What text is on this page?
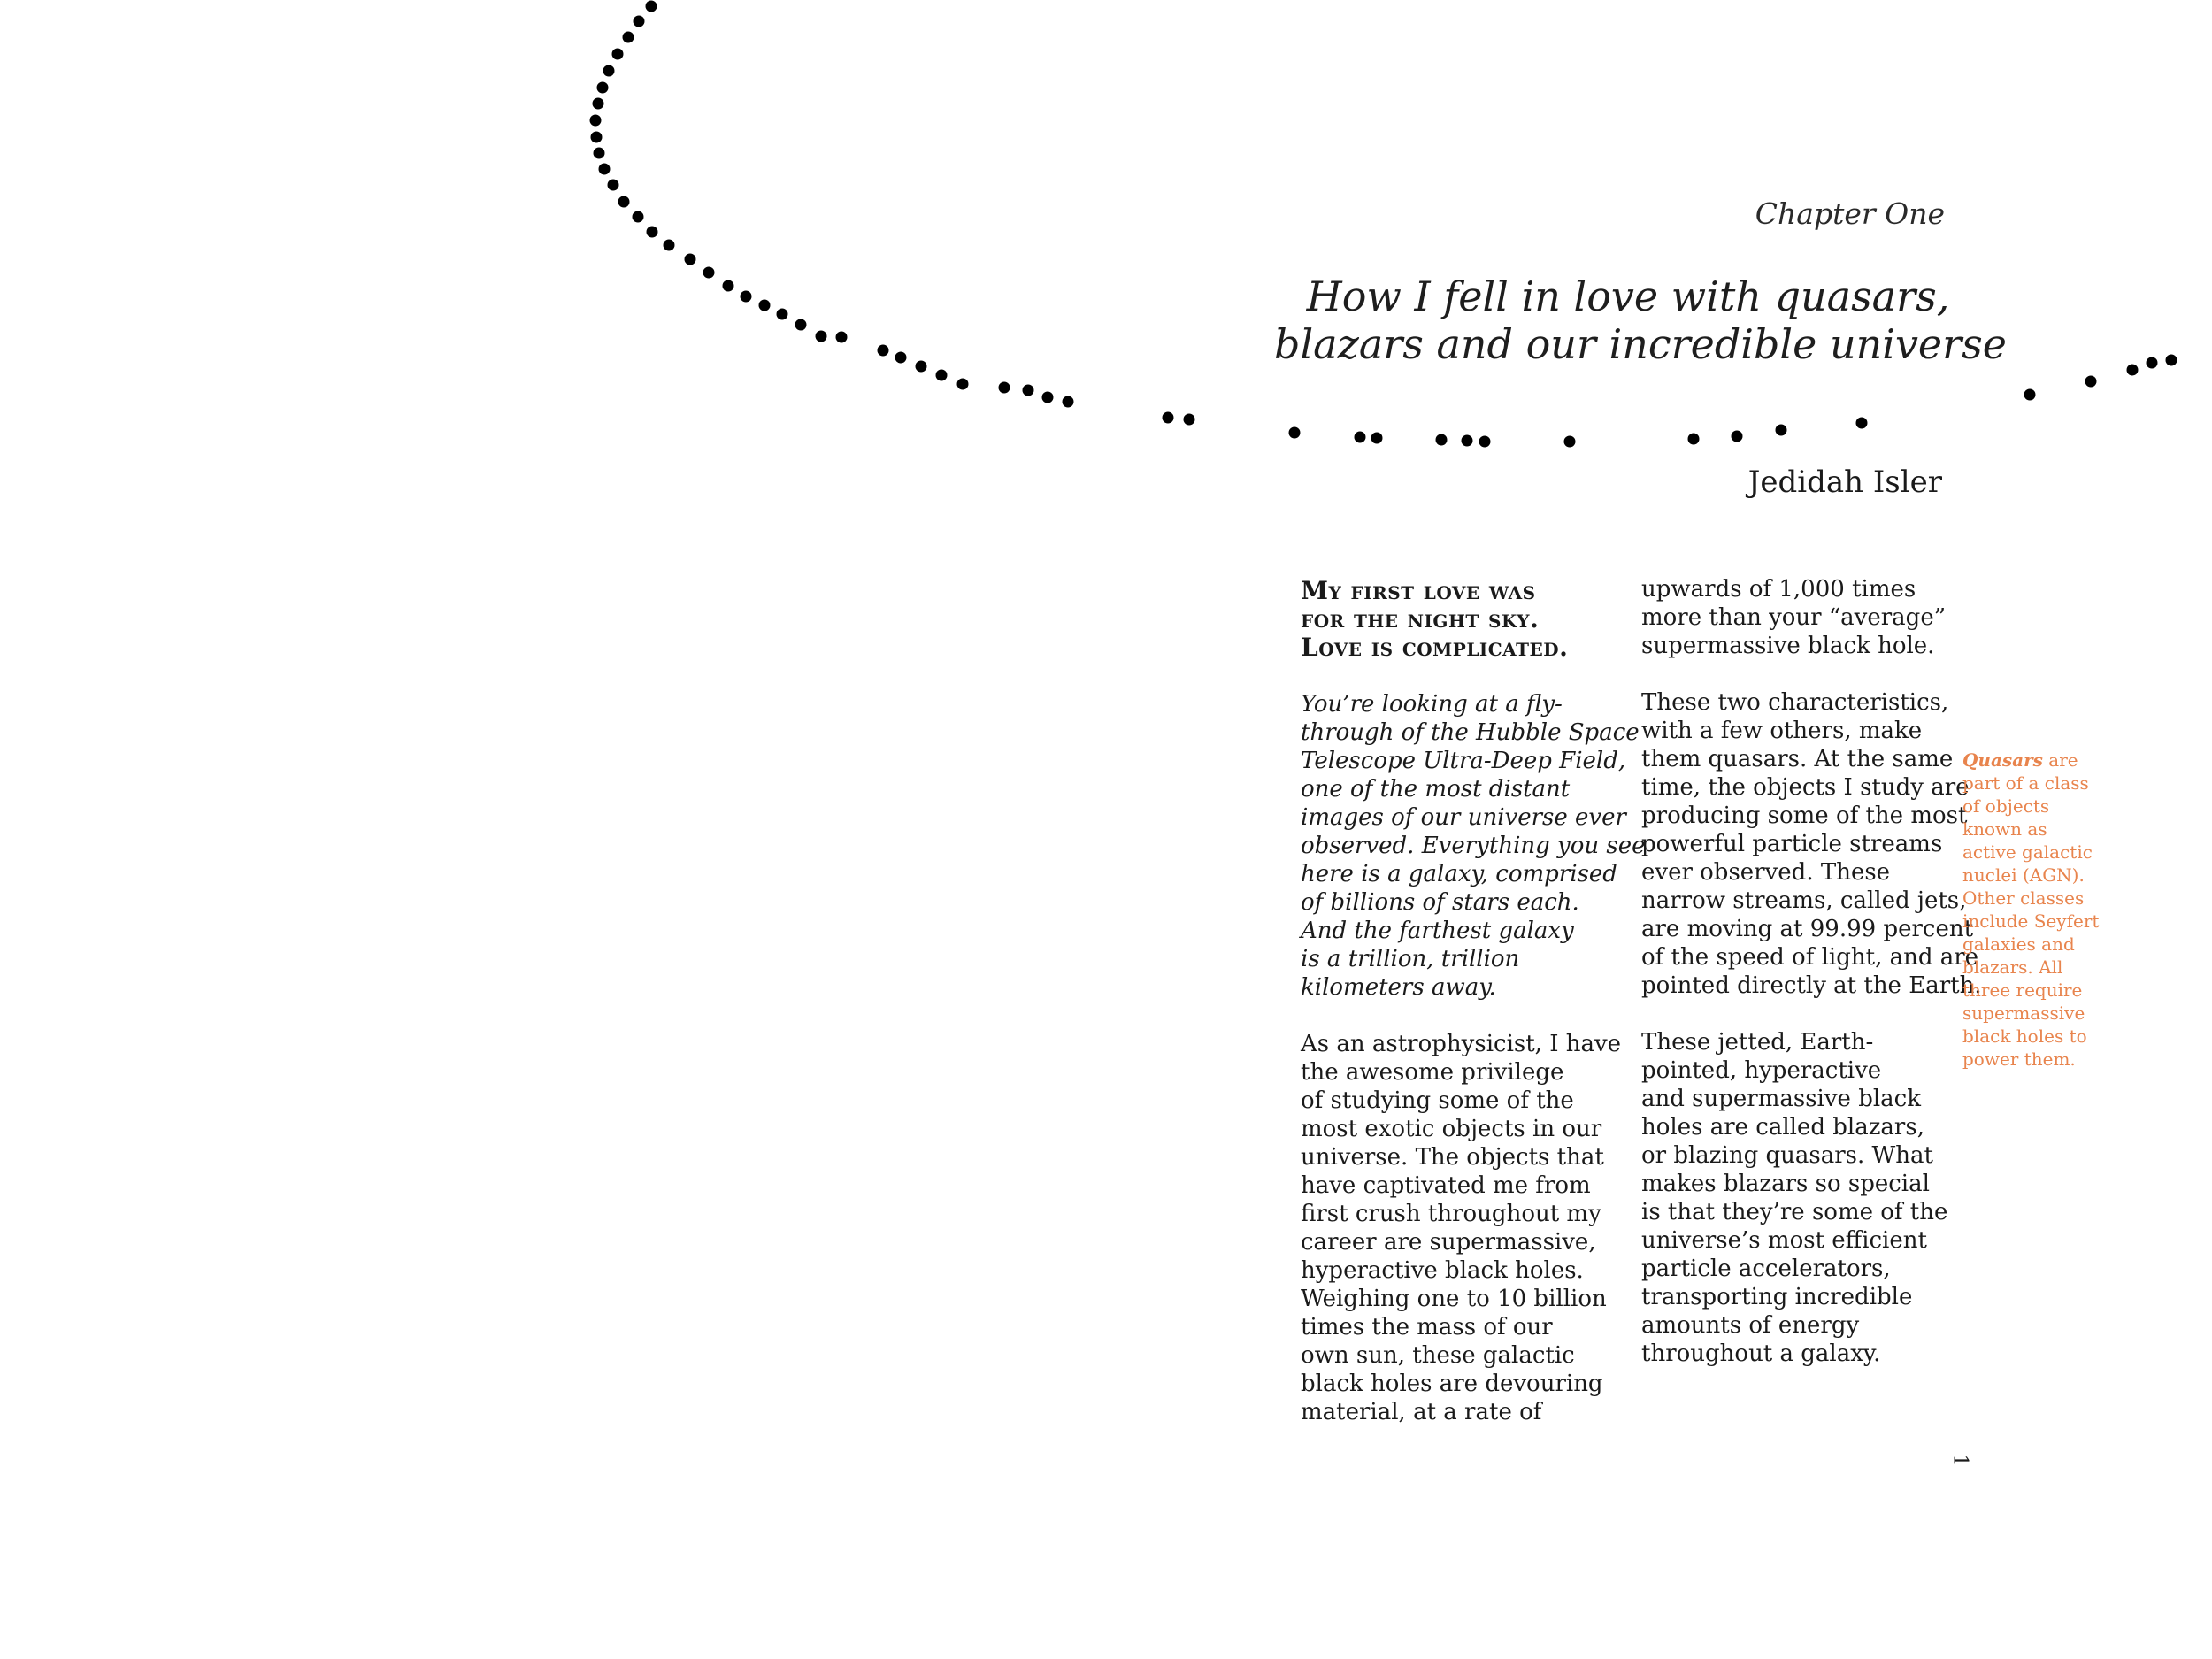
Chapter One
How I fell in love with quasars,
blazars and our incredible universe
Jedidah Isler
My first love was
for the night sky.
Love is complicated.
You’re looking at a fly-
through of the Hubble Space
Telescope Ultra-Deep Field,
one of the most distant
images of our universe ever
observed. Everything you see
here is a galaxy, comprised
of billions of stars each.
And the farthest galaxy
is a trillion, trillion
kilometers away.
As an astrophysicist, I have
the awesome privilege
of studying some of the
most exotic objects in our
universe. The objects that
have captivated me from
first crush throughout my
career are supermassive,
hyperactive black holes.
Weighing one to 10 billion
times the mass of our
own sun, these galactic
black holes are devouring
material, at a rate of
upwards of 1,000 times
more than your “average”
supermassive black hole.
These two characteristics,
with a few others, make
them quasars. At the same
time, the objects I study are
producing some of the most
powerful particle streams
ever observed. These
narrow streams, called jets,
are moving at 99.99 percent
of the speed of light, and are
pointed directly at the Earth.
These jetted, Earth-
pointed, hyperactive
and supermassive black
holes are called blazars,
or blazing quasars. What
makes blazars so special
is that they’re some of the
universe’s most efficient
particle accelerators,
transporting incredible
amounts of energy
throughout a galaxy.
Quasars are
part of a class
of objects
known as
active galactic
nuclei (AGN).
Other classes
include Seyfert
galaxies and
blazars. All
three require
supermassive
black holes to
power them.
1
